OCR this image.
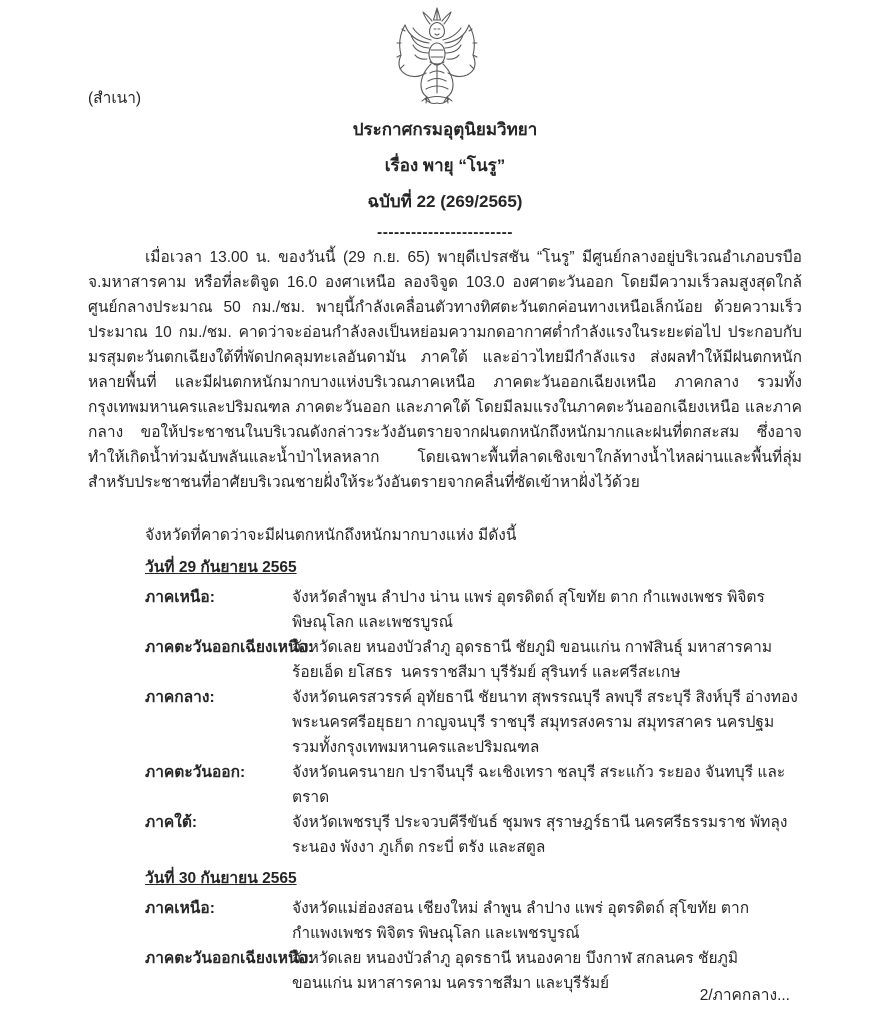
(สำเนา)
ประกาศกรมอุตุนิยมวิทยา
เรื่อง พายุ “โนรู”
ฉบับที่ 22 (269/2565)
------------------------

เมื่อเวลา 13.00 น. ของวันนี้ (29 ก.ย. 65) พายุดีเปรสชัน “โนรู” มีศูนย์กลางอยู่บริเวณอำเภอบรบือ จ.มหาสารคาม หรือที่ละติจูด 16.0 องศาเหนือ ลองจิจูด 103.0 องศาตะวันออก โดยมีความเร็วลมสูงสุดใกล้ศูนย์กลางประมาณ 50 กม./ชม. พายุนี้กำลังเคลื่อนตัวทางทิศตะวันตกค่อนทางเหนือเล็กน้อย ด้วยความเร็วประมาณ 10 กม./ชม. คาดว่าจะอ่อนกำลังลงเป็นหย่อมความกดอากาศต่ำกำลังแรงในระยะต่อไป ประกอบกับมรสุมตะวันตกเฉียงใต้ที่พัดปกคลุมทะเลอันดามัน ภาคใต้ และอ่าวไทยมีกำลังแรง ส่งผลทำให้มีฝนตกหนักหลายพื้นที่ และมีฝนตกหนักมากบางแห่งบริเวณภาคเหนือ ภาคตะวันออกเฉียงเหนือ ภาคกลาง รวมทั้งกรุงเทพมหานครและปริมณฑล ภาคตะวันออก และภาคใต้ โดยมีลมแรงในภาคตะวันออกเฉียงเหนือ และภาคกลาง ขอให้ประชาชนในบริเวณดังกล่าวระวังอันตรายจากฝนตกหนักถึงหนักมากและฝนที่ตกสะสม ซึ่งอาจทำให้เกิดน้ำท่วมฉับพลันและน้ำป่าไหลหลาก โดยเฉพาะพื้นที่ลาดเชิงเขาใกล้ทางน้ำไหลผ่านและพื้นที่ลุ่ม สำหรับประชาชนที่อาศัยบริเวณชายฝั่งให้ระวังอันตรายจากคลื่นที่ซัดเข้าหาฝั่งไว้ด้วย

จังหวัดที่คาดว่าจะมีฝนตกหนักถึงหนักมากบางแห่ง มีดังนี้
วันที่ 29 กันยายน 2565
ภาคเหนือ:	จังหวัดลำพูน ลำปาง น่าน แพร่ อุตรดิตถ์ สุโขทัย ตาก กำแพงเพชร พิจิตร พิษณุโลก และเพชรบูรณ์
ภาคตะวันออกเฉียงเหนือ:
จังหวัดเลย หนองบัวลำภู อุดรธานี ชัยภูมิ ขอนแก่น กาฬสินธุ์ มหาสารคาม ร้อยเอ็ด ยโสธร  นครราชสีมา บุรีรัมย์ สุรินทร์ และศรีสะเกษ
ภาคกลาง:	จังหวัดนครสวรรค์ อุทัยธานี ชัยนาท สุพรรณบุรี ลพบุรี สระบุรี สิงห์บุรี อ่างทอง พระนครศรีอยุธยา กาญจนบุรี ราชบุรี สมุทรสงคราม สมุทรสาคร นครปฐม รวมทั้งกรุงเทพมหานครและปริมณฑล
ภาคตะวันออก:	จังหวัดนครนายก ปราจีนบุรี ฉะเชิงเทรา ชลบุรี สระแก้ว ระยอง จันทบุรี และตราด
ภาคใต้:	จังหวัดเพชรบุรี ประจวบคีรีขันธ์ ชุมพร สุราษฎร์ธานี นครศรีธรรมราช พัทลุง ระนอง พังงา ภูเก็ต กระบี่ ตรัง และสตูล
วันที่ 30 กันยายน 2565
ภาคเหนือ:	จังหวัดแม่ฮ่องสอน เชียงใหม่ ลำพูน ลำปาง แพร่ อุตรดิตถ์ สุโขทัย ตาก กำแพงเพชร พิจิตร พิษณุโลก และเพชรบูรณ์
ภาคตะวันออกเฉียงเหนือ:
จังหวัดเลย หนองบัวลำภู อุดรธานี หนองคาย บึงกาฬ สกลนคร ชัยภูมิ ขอนแก่น มหาสารคาม นครราชสีมา และบุรีรัมย์
2/ภาคกลาง...
